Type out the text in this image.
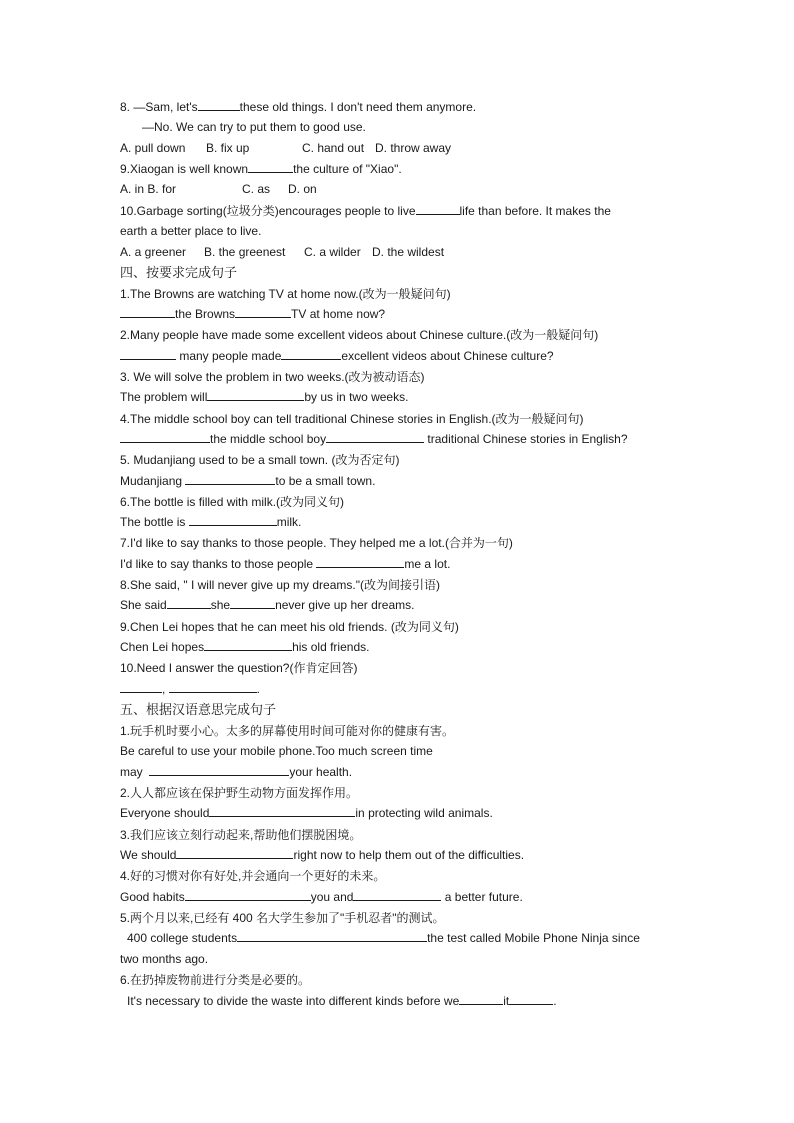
8. —Sam, let's	these old things. I don't need them anymore.
—No. We can try to put them to good use.
A. pull down B. fix up	C. hand out D. throw away
9.Xiaogan is well known	the culture of "Xiao".
A. in B. for	C. as D. on
10.Garbage sorting(垃圾分类)encourages people to live	life than before. It makes the
earth a better place to live.
A. a greener B. the greenest C. a wilder D. the wildest
四、按要求完成句子
1.The Browns are watching TV at home now.(改为一般疑问句)
the Browns	TV at home now?
2.Many people have made some excellent videos about Chinese culture.(改为一般疑问句)
many people made	excellent videos about Chinese culture?
3. We will solve the problem in two weeks.(改为被动语态)
The problem will	by us in two weeks.
4.The middle school boy can tell traditional Chinese stories in English.(改为一般疑问句)
the middle school boy	traditional Chinese stories in English?
5. Mudanjiang used to be a small town. (改为否定句)
Mudanjiang	to be a small town.
6.The bottle is filled with milk.(改为同义句)
The bottle is	milk.
7.I'd like to say thanks to those people. They helped me a lot.(合并为一句)
I'd like to say thanks to those people	me a lot.
8.She said, " I will never give up my dreams."(改为间接引语)
She said	she	never give up her dreams.
9.Chen Lei hopes that he can meet his old friends. (改为同义句)
Chen Lei hopes	his old friends.
10.Need I answer the question?(作肯定回答)
,	.
五、根据汉语意思完成句子
1.玩手机时要小心。太多的屏幕使用时间可能对你的健康有害。
Be careful to use your mobile phone.Too much screen time
may	your health.
2.人人都应该在保护野生动物方面发挥作用。
Everyone should	in protecting wild animals.
3.我们应该立刻行动起来,帮助他们摆脱困境。
We should	right now to help them out of the difficulties.
4.好的习惯对你有好处,并会通向一个更好的未来。
Good habits	you and	a better future.
5.两个月以来,已经有 400 名大学生参加了"手机忍者"的测试。
400 college students	the test called Mobile Phone Ninja since
two months ago.
6.在扔掉废物前进行分类是必要的。
It's necessary to divide the waste into different kinds before we	it	.
